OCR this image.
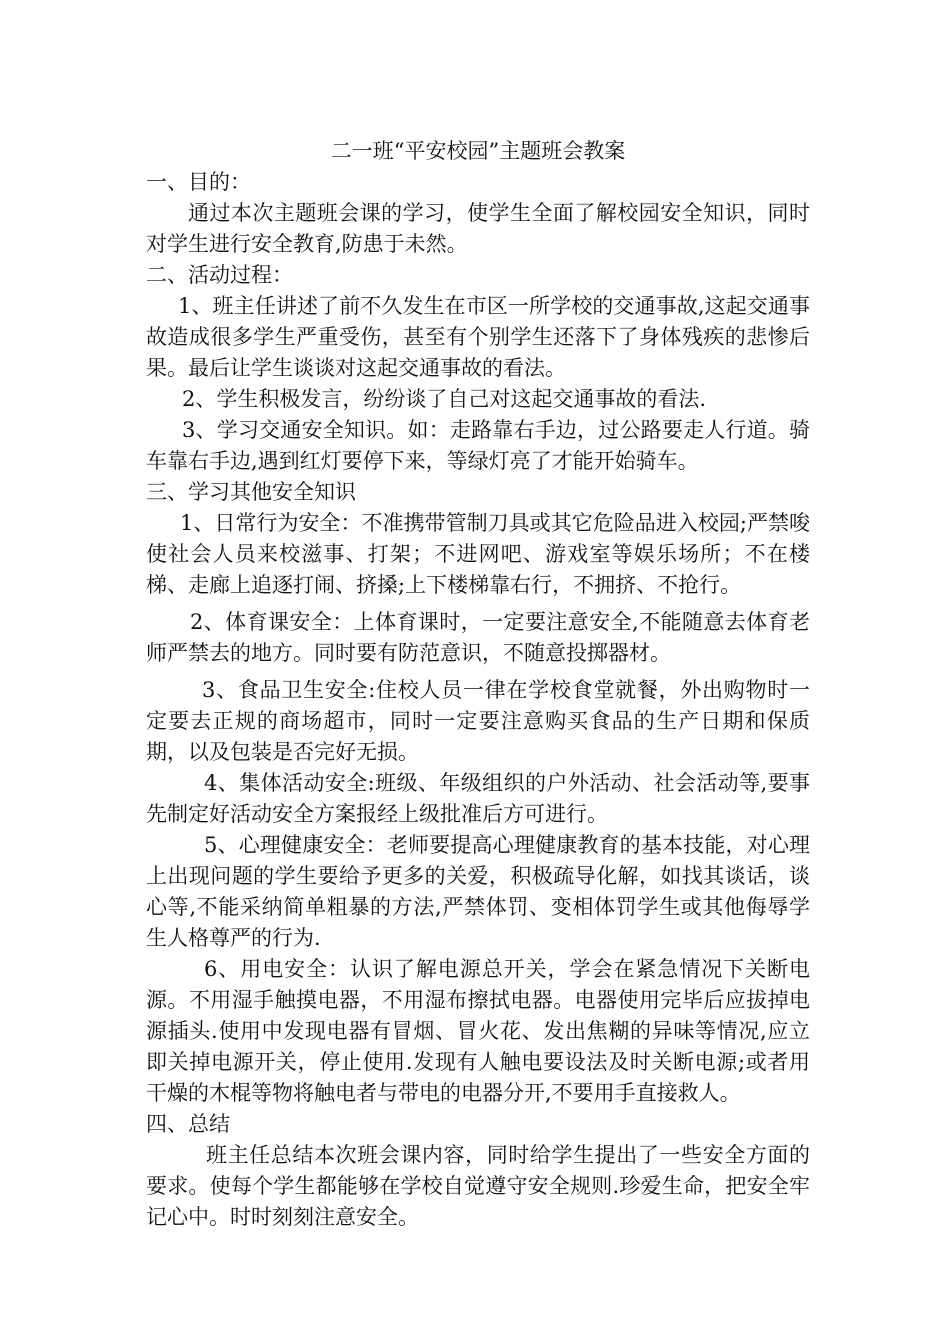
二一班“平安校园”主题班会教案

一、目的：

通过本次主题班会课的学习，使学生全面了解校园安全知识，同时对学生进行安全教育,防患于未然。

二、活动过程：

1、班主任讲述了前不久发生在市区一所学校的交通事故,这起交通事故造成很多学生严重受伤，甚至有个别学生还落下了身体残疾的悲惨后果。最后让学生谈谈对这起交通事故的看法。

2、学生积极发言，纷纷谈了自己对这起交通事故的看法.

3、学习交通安全知识。如：走路靠右手边，过公路要走人行道。骑车靠右手边,遇到红灯要停下来，等绿灯亮了才能开始骑车。

三、学习其他安全知识

1、日常行为安全：不准携带管制刀具或其它危险品进入校园;严禁唆使社会人员来校滋事、打架；不进网吧、游戏室等娱乐场所；不在楼梯、走廊上追逐打闹、挤搡;上下楼梯靠右行，不拥挤、不抢行。

2、体育课安全：上体育课时，一定要注意安全,不能随意去体育老师严禁去的地方。同时要有防范意识，不随意投掷器材。

3、食品卫生安全:住校人员一律在学校食堂就餐，外出购物时一定要去正规的商场超市，同时一定要注意购买食品的生产日期和保质期，以及包装是否完好无损。

4、集体活动安全:班级、年级组织的户外活动、社会活动等,要事先制定好活动安全方案报经上级批准后方可进行。

5、心理健康安全：老师要提高心理健康教育的基本技能，对心理上出现问题的学生要给予更多的关爱，积极疏导化解，如找其谈话，谈心等,不能采纳简单粗暴的方法,严禁体罚、变相体罚学生或其他侮辱学生人格尊严的行为.

6、用电安全：认识了解电源总开关，学会在紧急情况下关断电源。不用湿手触摸电器，不用湿布擦拭电器。电器使用完毕后应拔掉电源插头.使用中发现电器有冒烟、冒火花、发出焦糊的异味等情况,应立即关掉电源开关，停止使用.发现有人触电要设法及时关断电源;或者用干燥的木棍等物将触电者与带电的电器分开,不要用手直接救人。

四、总结

班主任总结本次班会课内容，同时给学生提出了一些安全方面的要求。使每个学生都能够在学校自觉遵守安全规则.珍爱生命，把安全牢记心中。时时刻刻注意安全。
